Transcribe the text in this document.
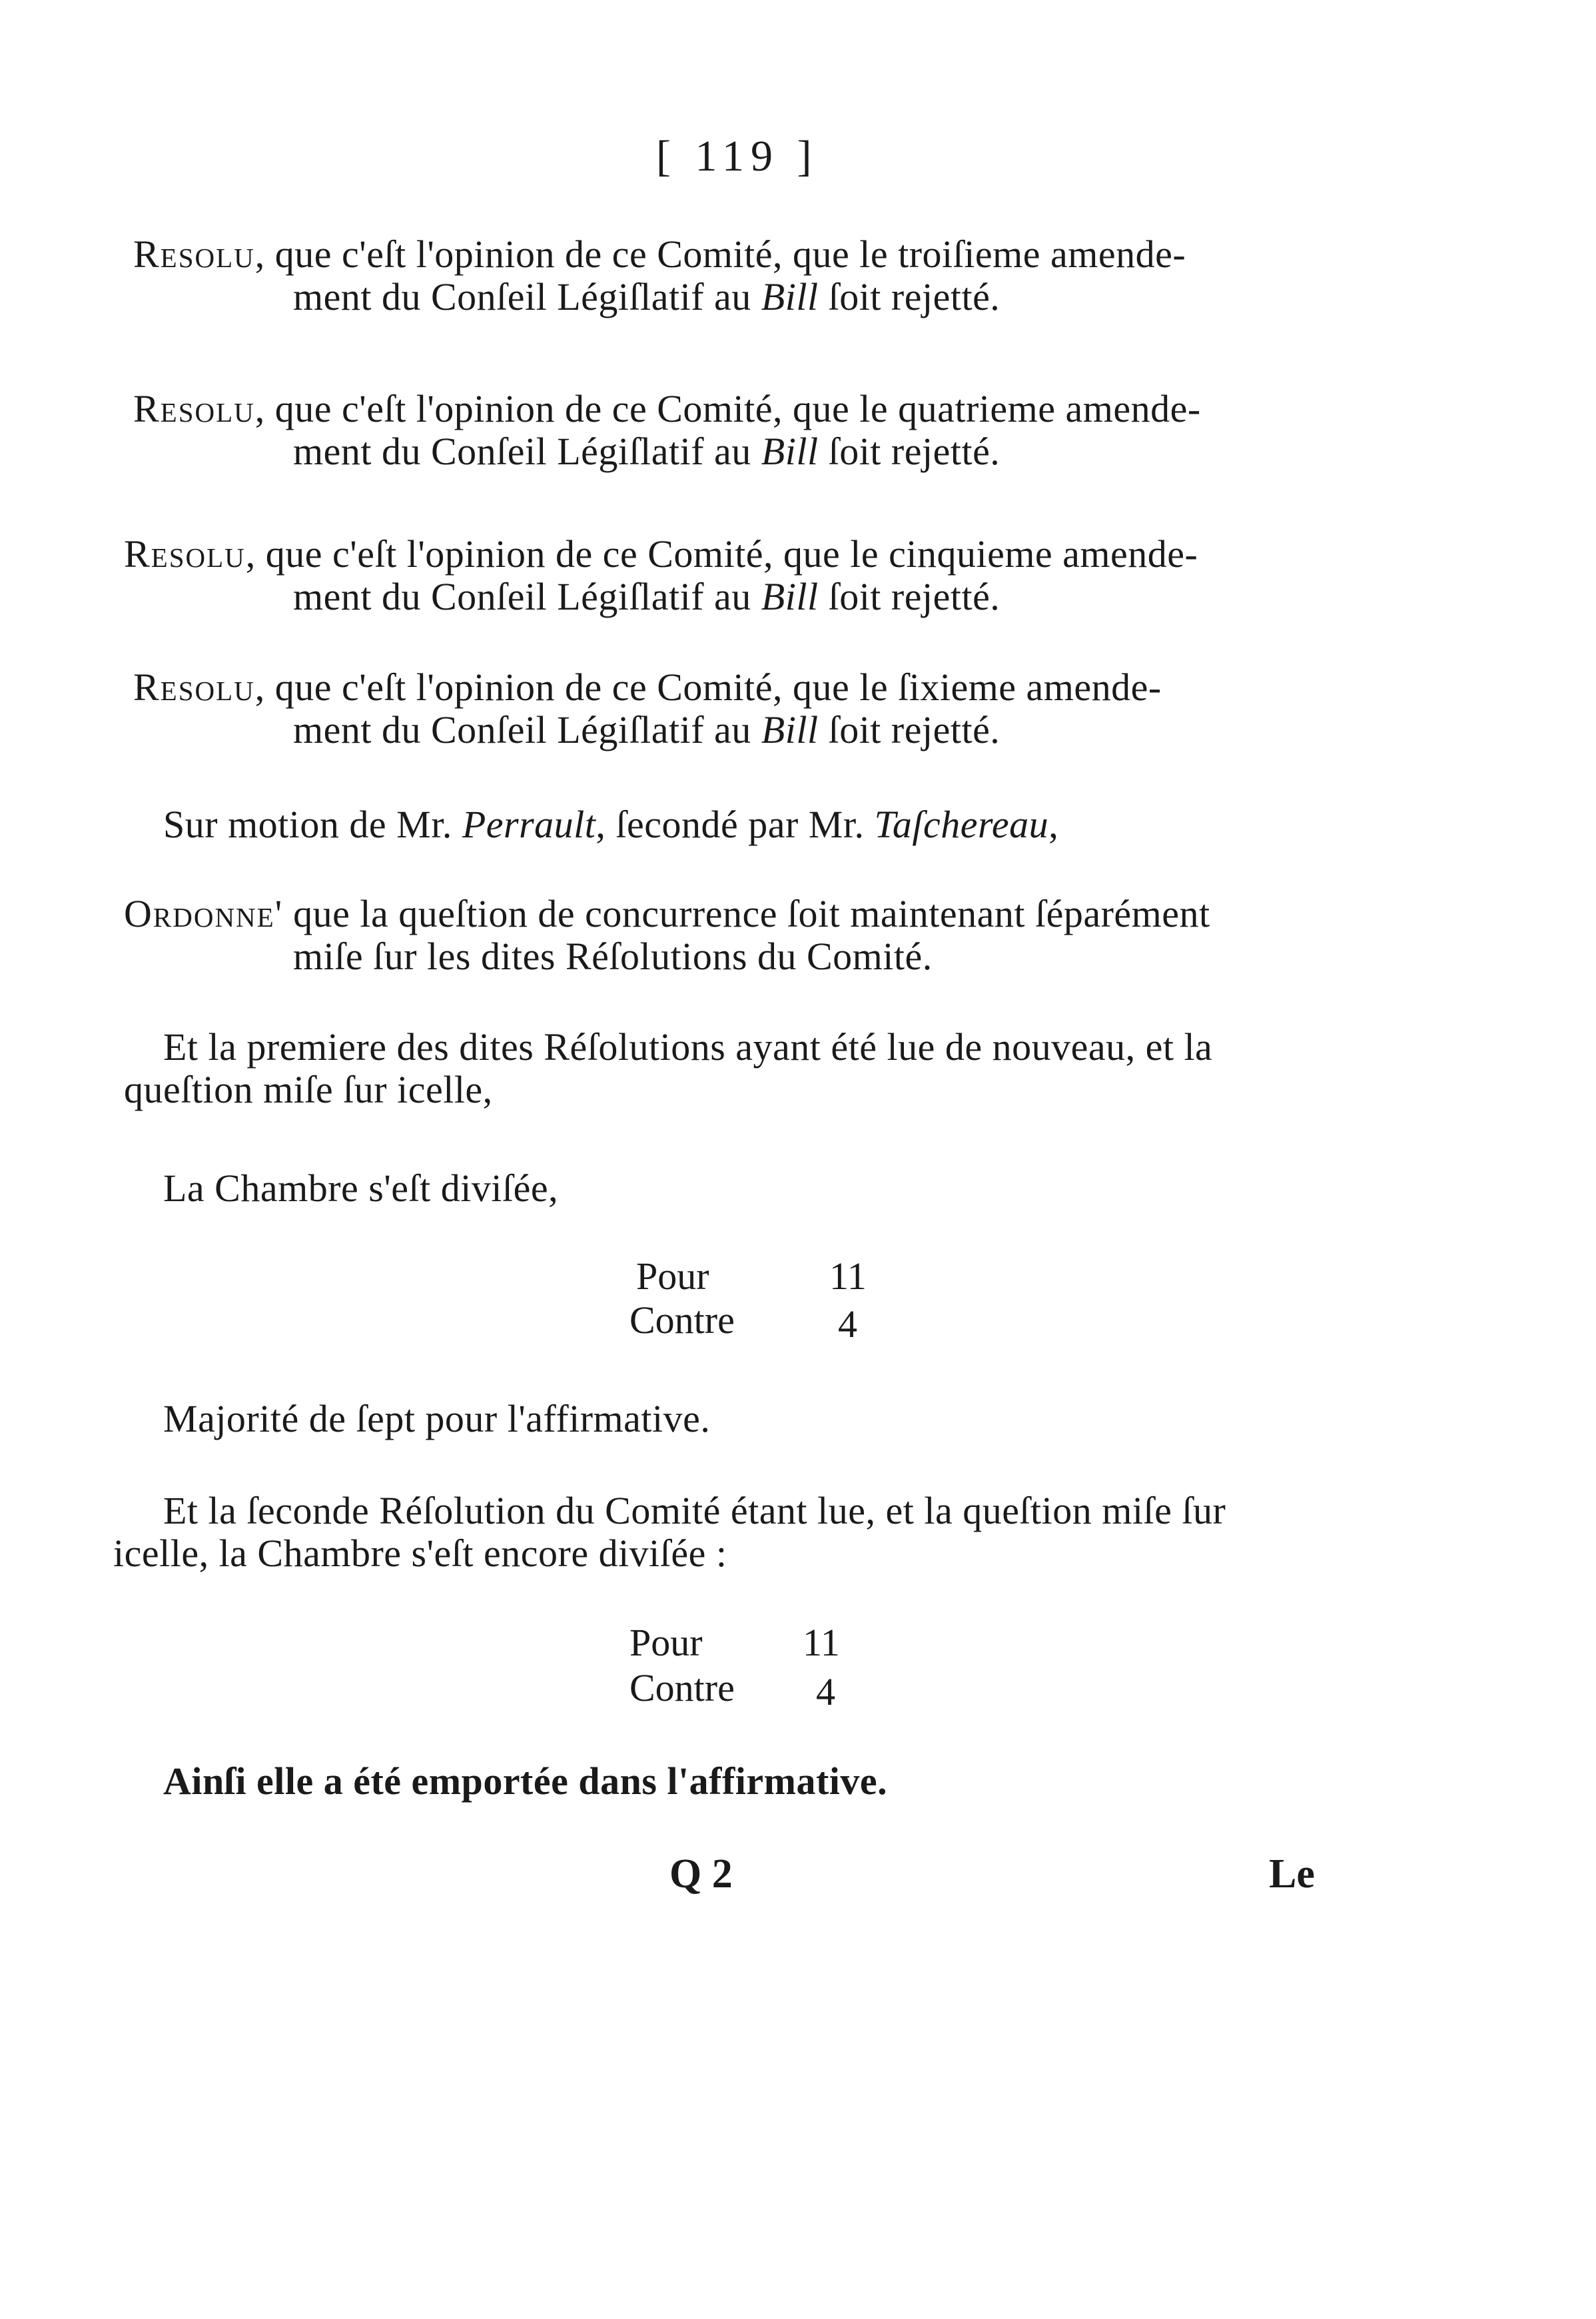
[ 119 ]
Resolu, que c'eſt l'opinion de ce Comité, que le troiſieme amende-
ment du Conſeil Légiſlatif au Bill ſoit rejetté.
Resolu, que c'eſt l'opinion de ce Comité, que le quatrieme amende-
ment du Conſeil Légiſlatif au Bill ſoit rejetté.
Resolu, que c'eſt l'opinion de ce Comité, que le cinquieme amende-
ment du Conſeil Légiſlatif au Bill ſoit rejetté.
Resolu, que c'eſt l'opinion de ce Comité, que le ſixieme amende-
ment du Conſeil Légiſlatif au Bill ſoit rejetté.
Sur motion de Mr. Perrault, ſecondé par Mr. Taſchereau,
Ordonne' que la queſtion de concurrence ſoit maintenant ſéparément
miſe ſur les dites Réſolutions du Comité.
Et la premiere des dites Réſolutions ayant été lue de nouveau, et la
queſtion miſe ſur icelle,
La Chambre s'eſt diviſée,
Pour	11
Contre	4
Majorité de ſept pour l'affirmative.
Et la ſeconde Réſolution du Comité étant lue, et la queſtion miſe ſur
icelle, la Chambre s'eſt encore diviſée :
Pour	11
Contre 4
Ainſi elle a été emportée dans l'affirmative.
Q 2	Le
